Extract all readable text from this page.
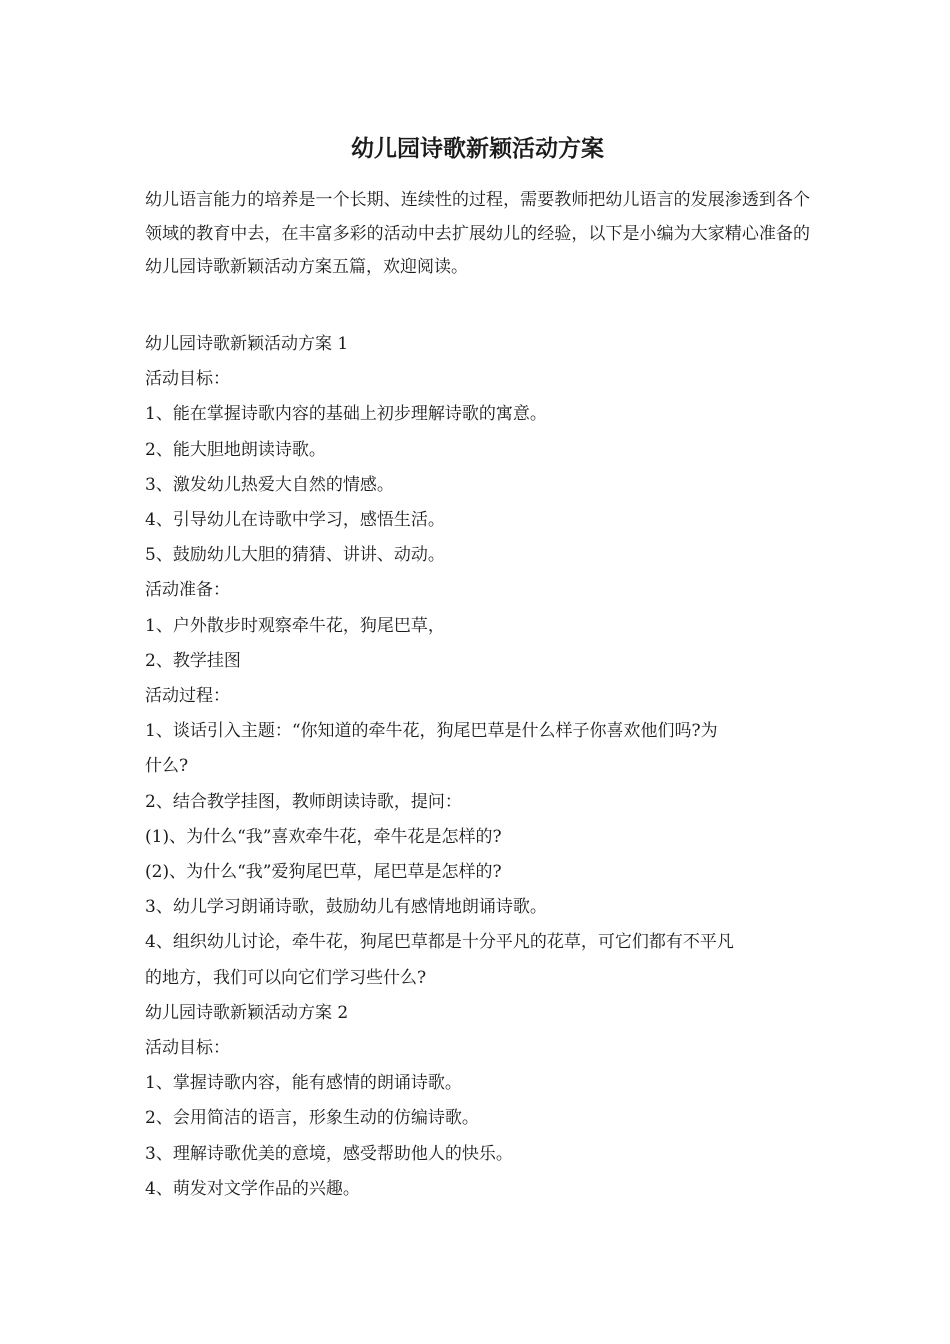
幼儿园诗歌新颖活动方案

幼儿语言能力的培养是一个长期、连续性的过程，需要教师把幼儿语言的发展渗透到各个领域的教育中去，在丰富多彩的活动中去扩展幼儿的经验，以下是小编为大家精心准备的幼儿园诗歌新颖活动方案五篇，欢迎阅读。

幼儿园诗歌新颖活动方案 1
活动目标：
1、能在掌握诗歌内容的基础上初步理解诗歌的寓意。
2、能大胆地朗读诗歌。
3、激发幼儿热爱大自然的情感。
4、引导幼儿在诗歌中学习，感悟生活。
5、鼓励幼儿大胆的猜猜、讲讲、动动。
活动准备：
1、户外散步时观察牵牛花，狗尾巴草，
2、教学挂图
活动过程：
1、谈话引入主题：“你知道的牵牛花，狗尾巴草是什么样子你喜欢他们吗?为
什么?
2、结合教学挂图，教师朗读诗歌，提问：
(1)、为什么“我”喜欢牵牛花，牵牛花是怎样的?
(2)、为什么“我”爱狗尾巴草，尾巴草是怎样的?
3、幼儿学习朗诵诗歌，鼓励幼儿有感情地朗诵诗歌。
4、组织幼儿讨论，牵牛花，狗尾巴草都是十分平凡的花草，可它们都有不平凡
的地方，我们可以向它们学习些什么?
幼儿园诗歌新颖活动方案 2
活动目标：
1、掌握诗歌内容，能有感情的朗诵诗歌。
2、会用简洁的语言，形象生动的仿编诗歌。
3、理解诗歌优美的意境，感受帮助他人的快乐。
4、萌发对文学作品的兴趣。
